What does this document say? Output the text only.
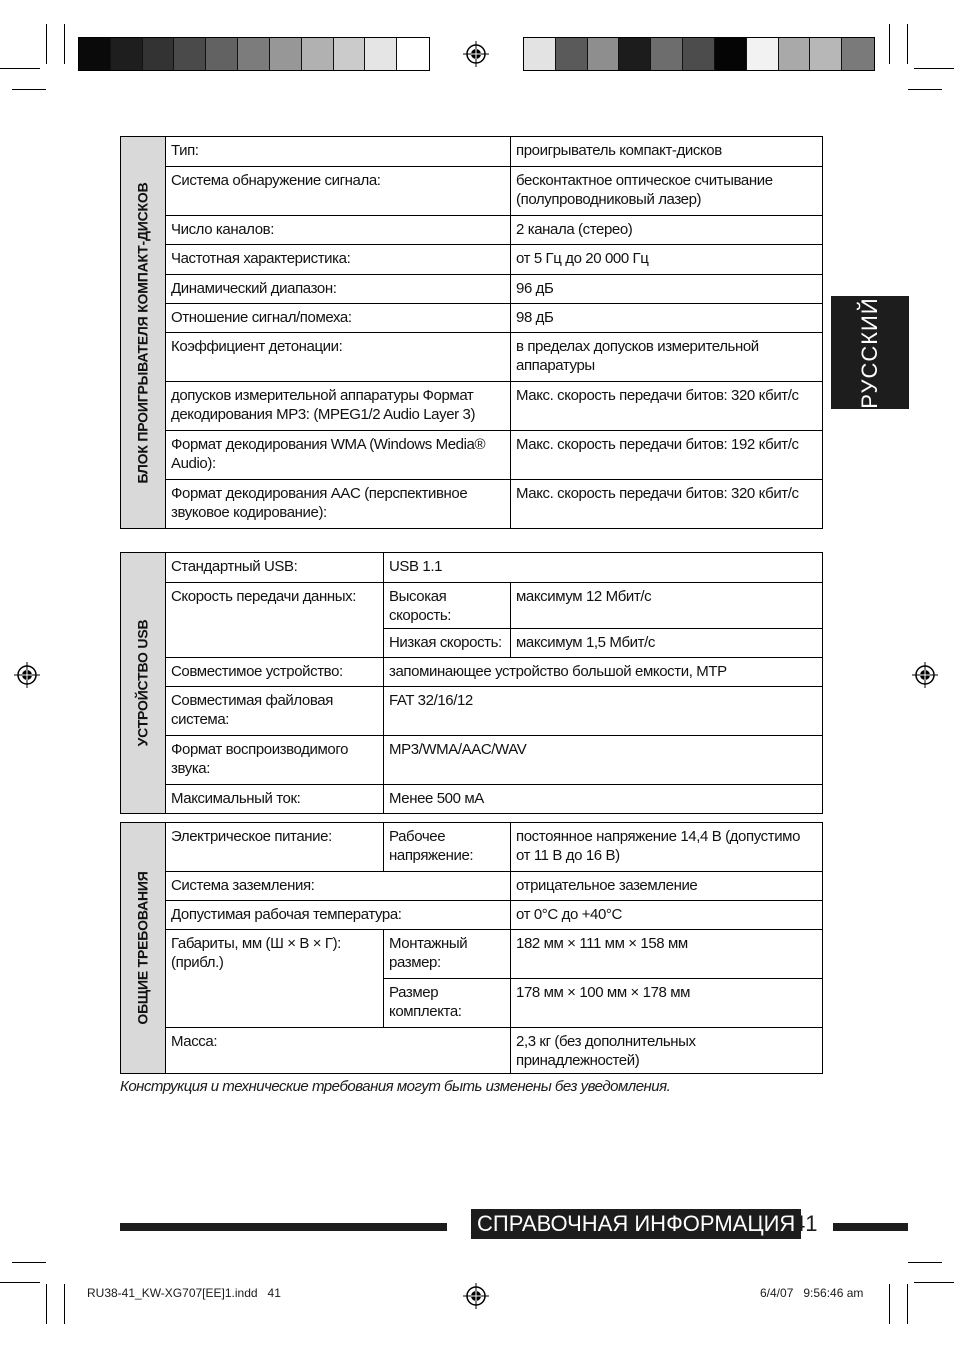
РУССКИЙ
БЛОК ПРОИГРЫВАТЕЛЯ КОМПАКТ-ДИСКОВ	Тип:	проигрыватель компакт-дисков
	Система обнаружение сигнала:	бесконтактное оптическое считывание (полупроводниковый лазер)
	Число каналов:	2 канала (стерео)
	Частотная характеристика:	от 5 Гц до 20 000 Гц
	Динамический диапазон:	96 дБ
	Отношение сигнал/помеха:	98 дБ
	Коэффициент детонации:	в пределах допусков измерительной аппаратуры
	допусков измерительной аппаратуры Формат декодирования MP3: (MPEG1/2 Audio Layer 3)	Макс. скорость передачи битов: 320 кбит/с
	Формат декодирования WMA (Windows Media® Audio):	Макс. скорость передачи битов: 192 кбит/с
	Формат декодирования AAC (перспективное звуковое кодирование):	Макс. скорость передачи битов: 320 кбит/с
УСТРОЙСТВО USB	Стандартный USB:	USB 1.1	
	Скорость передачи данных:	Высокая скорость:	максимум 12 Мбит/с
		Низкая скорость:	максимум 1,5 Мбит/с
	Совместимое устройство:	запоминающее устройство большой емкости, MTP	
	Совместимая файловая система:	FAT 32/16/12	
	Формат воспроизводимого звука:	MP3/WMA/AAC/WAV	
	Максимальный ток:	Менее 500 мА	
ОБЩИЕ ТРЕБОВАНИЯ	Электрическое питание:	Рабочее напряжение:	постоянное напряжение 14,4 В (допустимо от 11 В до 16 В)
	Система заземления:		отрицательное заземление
	Допустимая рабочая температура:		от 0°C до +40°C
	Габариты, мм (Ш × В × Г): (прибл.)	Монтажный размер:	182 мм × 111 мм × 158 мм
		Размер комплекта:	178 мм × 100 мм × 178 мм
	Масса:		2,3 кг (без дополнительных принадлежностей)
Конструкция и технические требования могут быть изменены без уведомления.
СПРАВОЧНАЯ ИНФОРМАЦИЯ
41
RU38-41_KW-XG707[EE]1.indd   41	6/4/07   9:56:46 am
